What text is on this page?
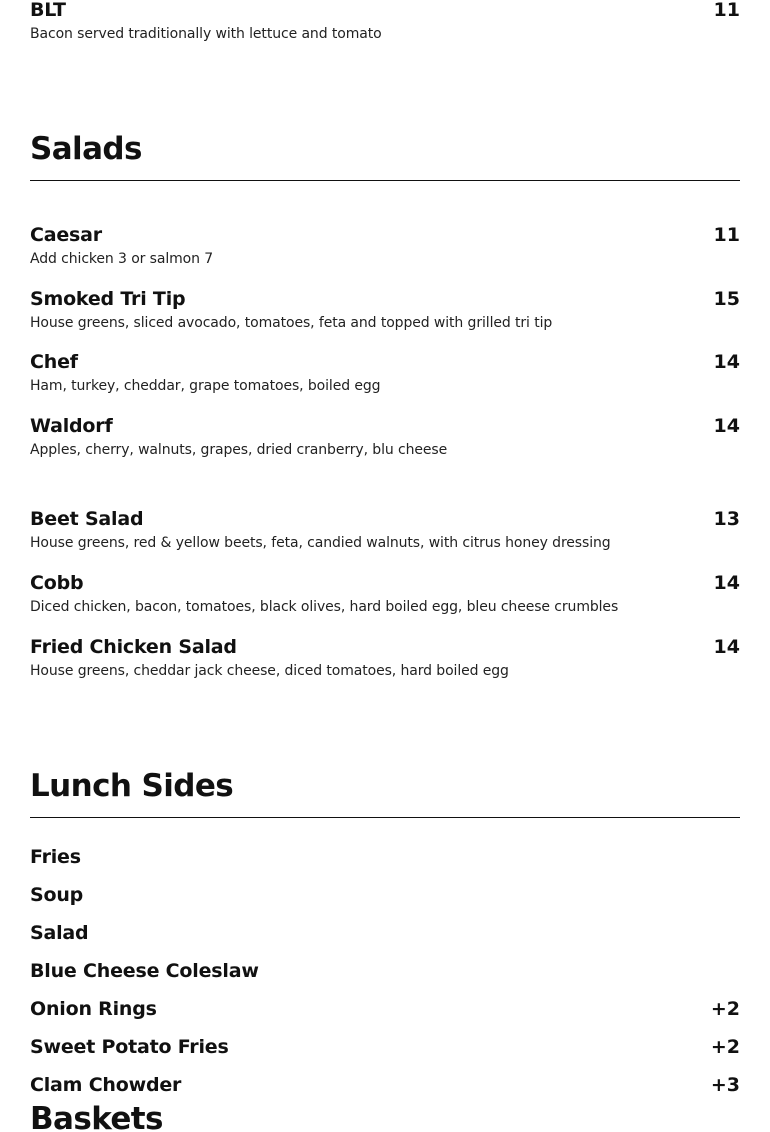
BLT	11
Bacon served traditionally with lettuce and tomato
Salads
Caesar	11
Add chicken 3 or salmon 7
Smoked Tri Tip	15
House greens, sliced avocado, tomatoes, feta and topped with grilled tri tip
Chef	14
Ham, turkey, cheddar, grape tomatoes, boiled egg
Waldorf	14
Apples, cherry, walnuts, grapes, dried cranberry, blu cheese
Beet Salad	13
House greens, red & yellow beets, feta, candied walnuts, with citrus honey dressing
Cobb	14
Diced chicken, bacon, tomatoes, black olives, hard boiled egg, bleu cheese crumbles
Fried Chicken Salad	14
House greens, cheddar jack cheese, diced tomatoes, hard boiled egg
Lunch Sides
Fries
Soup
Salad
Blue Cheese Coleslaw
Onion Rings	+2
Sweet Potato Fries	+2
Clam Chowder	+3
Baskets
